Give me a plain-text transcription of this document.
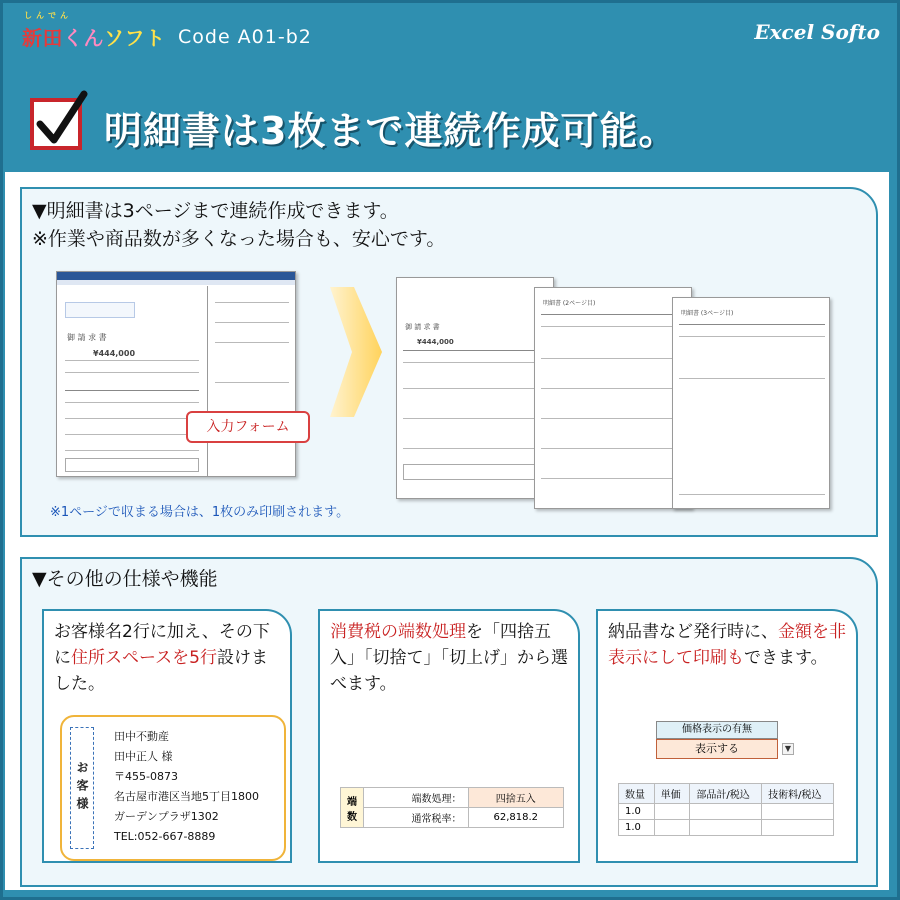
しんでん
新田くんソフト Code A01-b2	Excel Softo
明細書は3枚まで連続作成可能。
▼明細書は3ページまで連続作成できます。
※作業や商品数が多くなった場合も、安心です。
御 請 求 書
¥444,000
入力フォーム
御 請 求 書
¥444,000
明細書 (2ページ目)
明細書 (3ページ目)
※1ページで収まる場合は、1枚のみ印刷されます。
▼その他の仕様や機能
お客様名2行に加え、その下に住所スペースを5行設けました。
お客様
田中不動産
田中正人 様
〒455-0873
名古屋市港区当地5丁目1800
ガーデンプラザ1302
TEL:052-667-8889
消費税の端数処理を「四捨五入」「切捨て」「切上げ」から選べます。
端数	端数処理：	四捨五入
	通常税率：	62,818.2
納品書など発行時に、金額を非表示にして印刷もできます。
価格表示の有無
表示する	▼
数量	単価	部品計/税込	技術料/税込
1.0			
1.0			
